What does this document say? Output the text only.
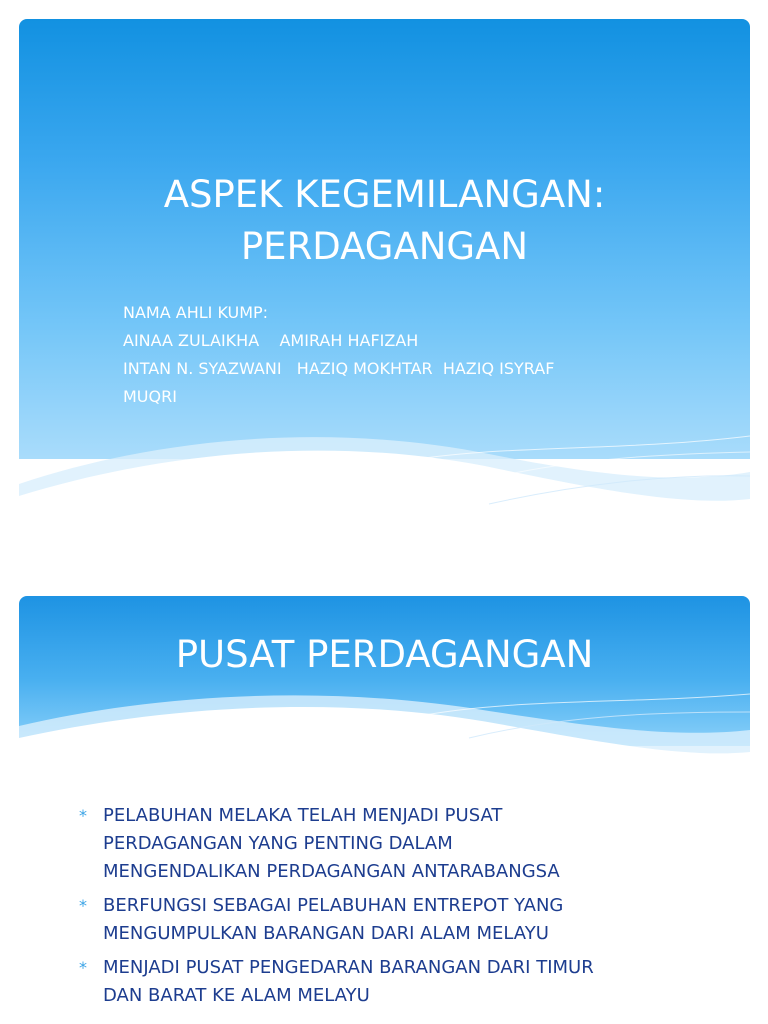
ASPEK KEGEMILANGAN:
PERDAGANGAN
NAMA AHLI KUMP:
AINAA ZULAIKHA    AMIRAH HAFIZAH
INTAN N. SYAZWANI   HAZIQ MOKHTAR  HAZIQ ISYRAF
MUQRI
PUSAT PERDAGANGAN
* PELABUHAN MELAKA TELAH MENJADI PUSAT
PERDAGANGAN YANG PENTING DALAM
MENGENDALIKAN PERDAGANGAN ANTARABANGSA
* BERFUNGSI SEBAGAI PELABUHAN ENTREPOT YANG
MENGUMPULKAN BARANGAN DARI ALAM MELAYU
* MENJADI PUSAT PENGEDARAN BARANGAN DARI TIMUR
DAN BARAT KE ALAM MELAYU
